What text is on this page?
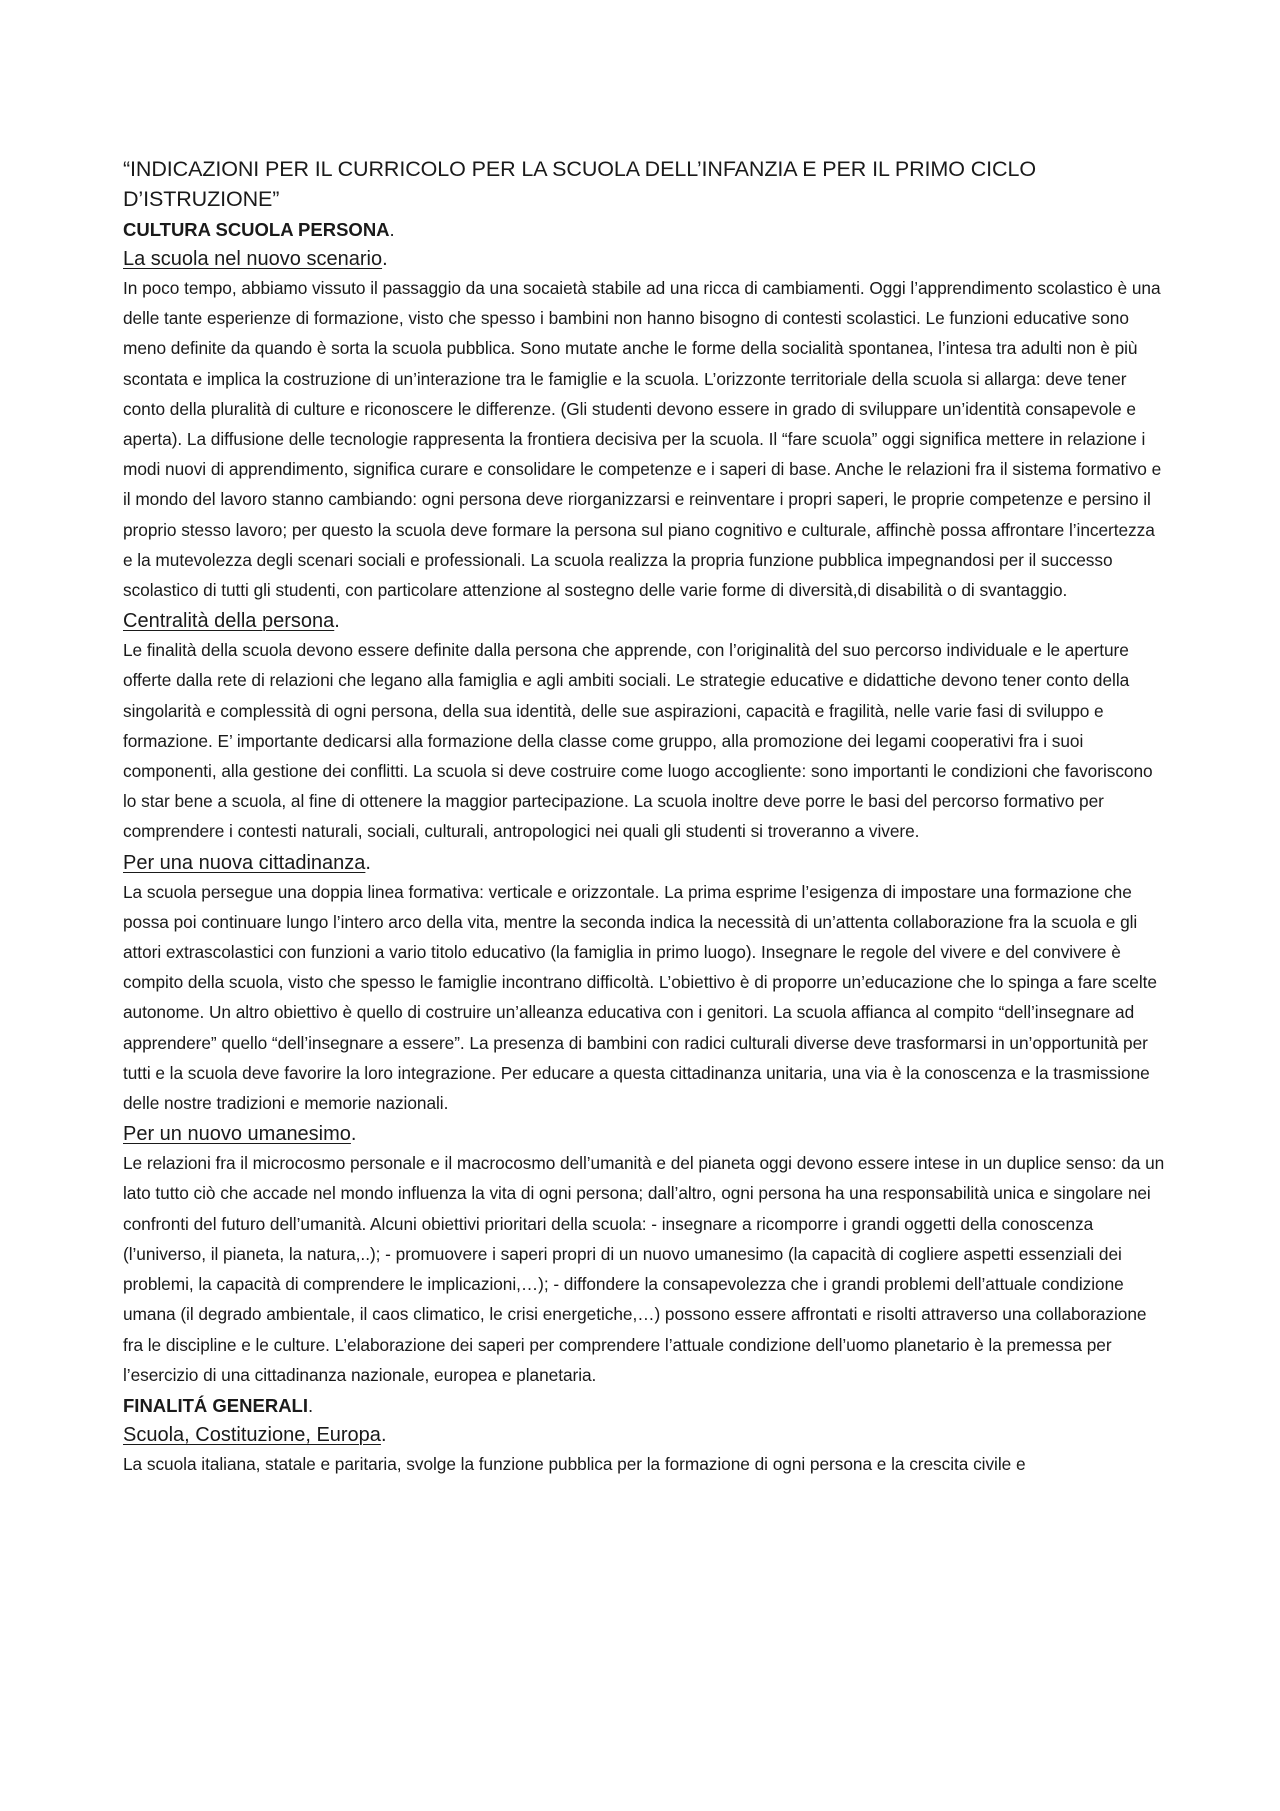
“INDICAZIONI PER IL CURRICOLO PER LA SCUOLA DELL’INFANZIA E PER IL PRIMO CICLO D’ISTRUZIONE”

CULTURA SCUOLA PERSONA.

La scuola nel nuovo scenario.

In poco tempo, abbiamo vissuto il passaggio da una socaietà stabile ad una ricca di cambiamenti. Oggi l’apprendimento scolastico è una delle tante esperienze di formazione, visto che spesso i bambini non hanno bisogno di contesti scolastici. Le funzioni educative sono meno definite da quando è sorta la scuola pubblica. Sono mutate anche le forme della socialità spontanea, l’intesa tra adulti non è più scontata e implica la costruzione di un’interazione tra le famiglie e la scuola. L’orizzonte territoriale della scuola si allarga: deve tener conto della pluralità di culture e riconoscere le differenze. (Gli studenti devono essere in grado di sviluppare un’identità consapevole e aperta). La diffusione delle tecnologie rappresenta la frontiera decisiva per la scuola. Il “fare scuola” oggi significa mettere in relazione i modi nuovi di apprendimento, significa curare e consolidare le competenze e i saperi di base. Anche le relazioni fra il sistema formativo e il mondo del lavoro stanno cambiando: ogni persona deve riorganizzarsi e reinventare i propri saperi, le proprie competenze e persino il proprio stesso lavoro; per questo la scuola deve formare la persona sul piano cognitivo e culturale, affinchè possa affrontare l’incertezza e la mutevolezza degli scenari sociali e professionali. La scuola realizza la propria funzione pubblica impegnandosi per il successo scolastico di tutti gli studenti, con particolare attenzione al sostegno delle varie forme di diversità,di disabilità o di svantaggio.

Centralità della persona.

Le finalità della scuola devono essere definite dalla persona che apprende, con l’originalità del suo percorso individuale e le aperture offerte dalla rete di relazioni che legano alla famiglia e agli ambiti sociali. Le strategie educative e didattiche devono tener conto della singolarità e complessità di ogni persona, della sua identità, delle sue aspirazioni, capacità e fragilità, nelle varie fasi di sviluppo e formazione. E’ importante dedicarsi alla formazione della classe come gruppo, alla promozione dei legami cooperativi fra i suoi componenti, alla gestione dei conflitti. La scuola si deve costruire come luogo accogliente: sono importanti le condizioni che favoriscono lo star bene a scuola, al fine di ottenere la maggior partecipazione. La scuola inoltre deve porre le basi del percorso formativo per comprendere i contesti naturali, sociali, culturali, antropologici nei quali gli studenti si troveranno a vivere.

Per una nuova cittadinanza.

La scuola persegue una doppia linea formativa: verticale e orizzontale. La prima esprime l’esigenza di impostare una formazione che possa poi continuare lungo l’intero arco della vita, mentre la seconda indica la necessità di un’attenta collaborazione fra la scuola e gli attori extrascolastici con funzioni a vario titolo educativo (la famiglia in primo luogo). Insegnare le regole del vivere e del convivere è compito della scuola, visto che spesso le famiglie incontrano difficoltà. L’obiettivo è di proporre un’educazione che lo spinga a fare scelte autonome. Un altro obiettivo è quello di costruire un’alleanza educativa con i genitori. La scuola affianca al compito “dell’insegnare ad apprendere” quello “dell’insegnare a essere”. La presenza di bambini con radici culturali diverse deve trasformarsi in un’opportunità per tutti e la scuola deve favorire la loro integrazione. Per educare a questa cittadinanza unitaria, una via è la conoscenza e la trasmissione delle nostre tradizioni e memorie nazionali.

Per un nuovo umanesimo.

Le relazioni fra il microcosmo personale e il macrocosmo dell’umanità e del pianeta oggi devono essere intese in un duplice senso: da un lato tutto ciò che accade nel mondo influenza la vita di ogni persona; dall’altro, ogni persona ha una responsabilità unica e singolare nei confronti del futuro dell’umanità. Alcuni obiettivi prioritari della scuola: - insegnare a ricomporre i grandi oggetti della conoscenza (l’universo, il pianeta, la natura,..); - promuovere i saperi propri di un nuovo umanesimo (la capacità di cogliere aspetti essenziali dei problemi, la capacità di comprendere le implicazioni,…); - diffondere la consapevolezza che i grandi problemi dell’attuale condizione umana (il degrado ambientale, il caos climatico, le crisi energetiche,…) possono essere affrontati e risolti attraverso una collaborazione fra le discipline e le culture. L’elaborazione dei saperi per comprendere l’attuale condizione dell’uomo planetario è la premessa per l’esercizio di una cittadinanza nazionale, europea e planetaria.

FINALITÁ GENERALI.

Scuola, Costituzione, Europa.

La scuola italiana, statale e paritaria, svolge la funzione pubblica per la formazione di ogni persona e la crescita civile e
